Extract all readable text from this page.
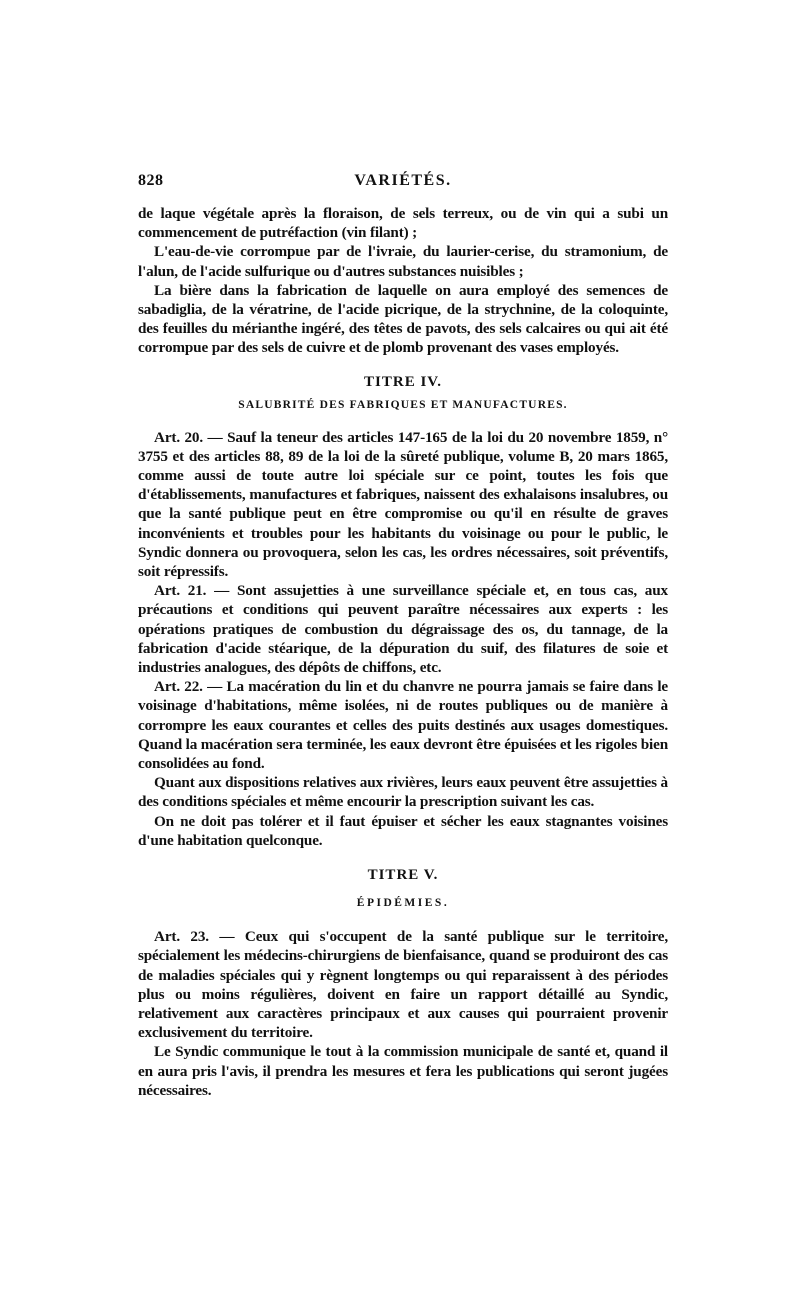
828	VARIÉTÉS.

de laque végétale après la floraison, de sels terreux, ou de vin qui a subi un commencement de putréfaction (vin filant) ;

L'eau-de-vie corrompue par de l'ivraie, du laurier-cerise, du stramonium, de l'alun, de l'acide sulfurique ou d'autres substances nuisibles ;

La bière dans la fabrication de laquelle on aura employé des semences de sabadiglia, de la vératrine, de l'acide picrique, de la strychnine, de la coloquinte, des feuilles du mérianthe ingéré, des têtes de pavots, des sels calcaires ou qui ait été corrompue par des sels de cuivre et de plomb provenant des vases employés.

TITRE IV.
SALUBRITÉ DES FABRIQUES ET MANUFACTURES.

Art. 20. — Sauf la teneur des articles 147-165 de la loi du 20 novembre 1859, n° 3755 et des articles 88, 89 de la loi de la sûreté publique, volume B, 20 mars 1865, comme aussi de toute autre loi spéciale sur ce point, toutes les fois que d'établissements, manufactures et fabriques, naissent des exhalaisons insalubres, ou que la santé publique peut en être compromise ou qu'il en résulte de graves inconvénients et troubles pour les habitants du voisinage ou pour le public, le Syndic donnera ou provoquera, selon les cas, les ordres nécessaires, soit préventifs, soit répressifs.

Art. 21. — Sont assujetties à une surveillance spéciale et, en tous cas, aux précautions et conditions qui peuvent paraître nécessaires aux experts : les opérations pratiques de combustion du dégraissage des os, du tannage, de la fabrication d'acide stéarique, de la dépuration du suif, des filatures de soie et industries analogues, des dépôts de chiffons, etc.

Art. 22. — La macération du lin et du chanvre ne pourra jamais se faire dans le voisinage d'habitations, même isolées, ni de routes publiques ou de manière à corrompre les eaux courantes et celles des puits destinés aux usages domestiques. Quand la macération sera terminée, les eaux devront être épuisées et les rigoles bien consolidées au fond.

Quant aux dispositions relatives aux rivières, leurs eaux peuvent être assujetties à des conditions spéciales et même encourir la prescription suivant les cas.

On ne doit pas tolérer et il faut épuiser et sécher les eaux stagnantes voisines d'une habitation quelconque.

TITRE V.
ÉPIDÉMIES.

Art. 23. — Ceux qui s'occupent de la santé publique sur le territoire, spécialement les médecins-chirurgiens de bienfaisance, quand se produiront des cas de maladies spéciales qui y règnent longtemps ou qui reparaissent à des périodes plus ou moins régulières, doivent en faire un rapport détaillé au Syndic, relativement aux caractères principaux et aux causes qui pourraient provenir exclusivement du territoire.

Le Syndic communique le tout à la commission municipale de santé et, quand il en aura pris l'avis, il prendra les mesures et fera les publications qui seront jugées nécessaires.
